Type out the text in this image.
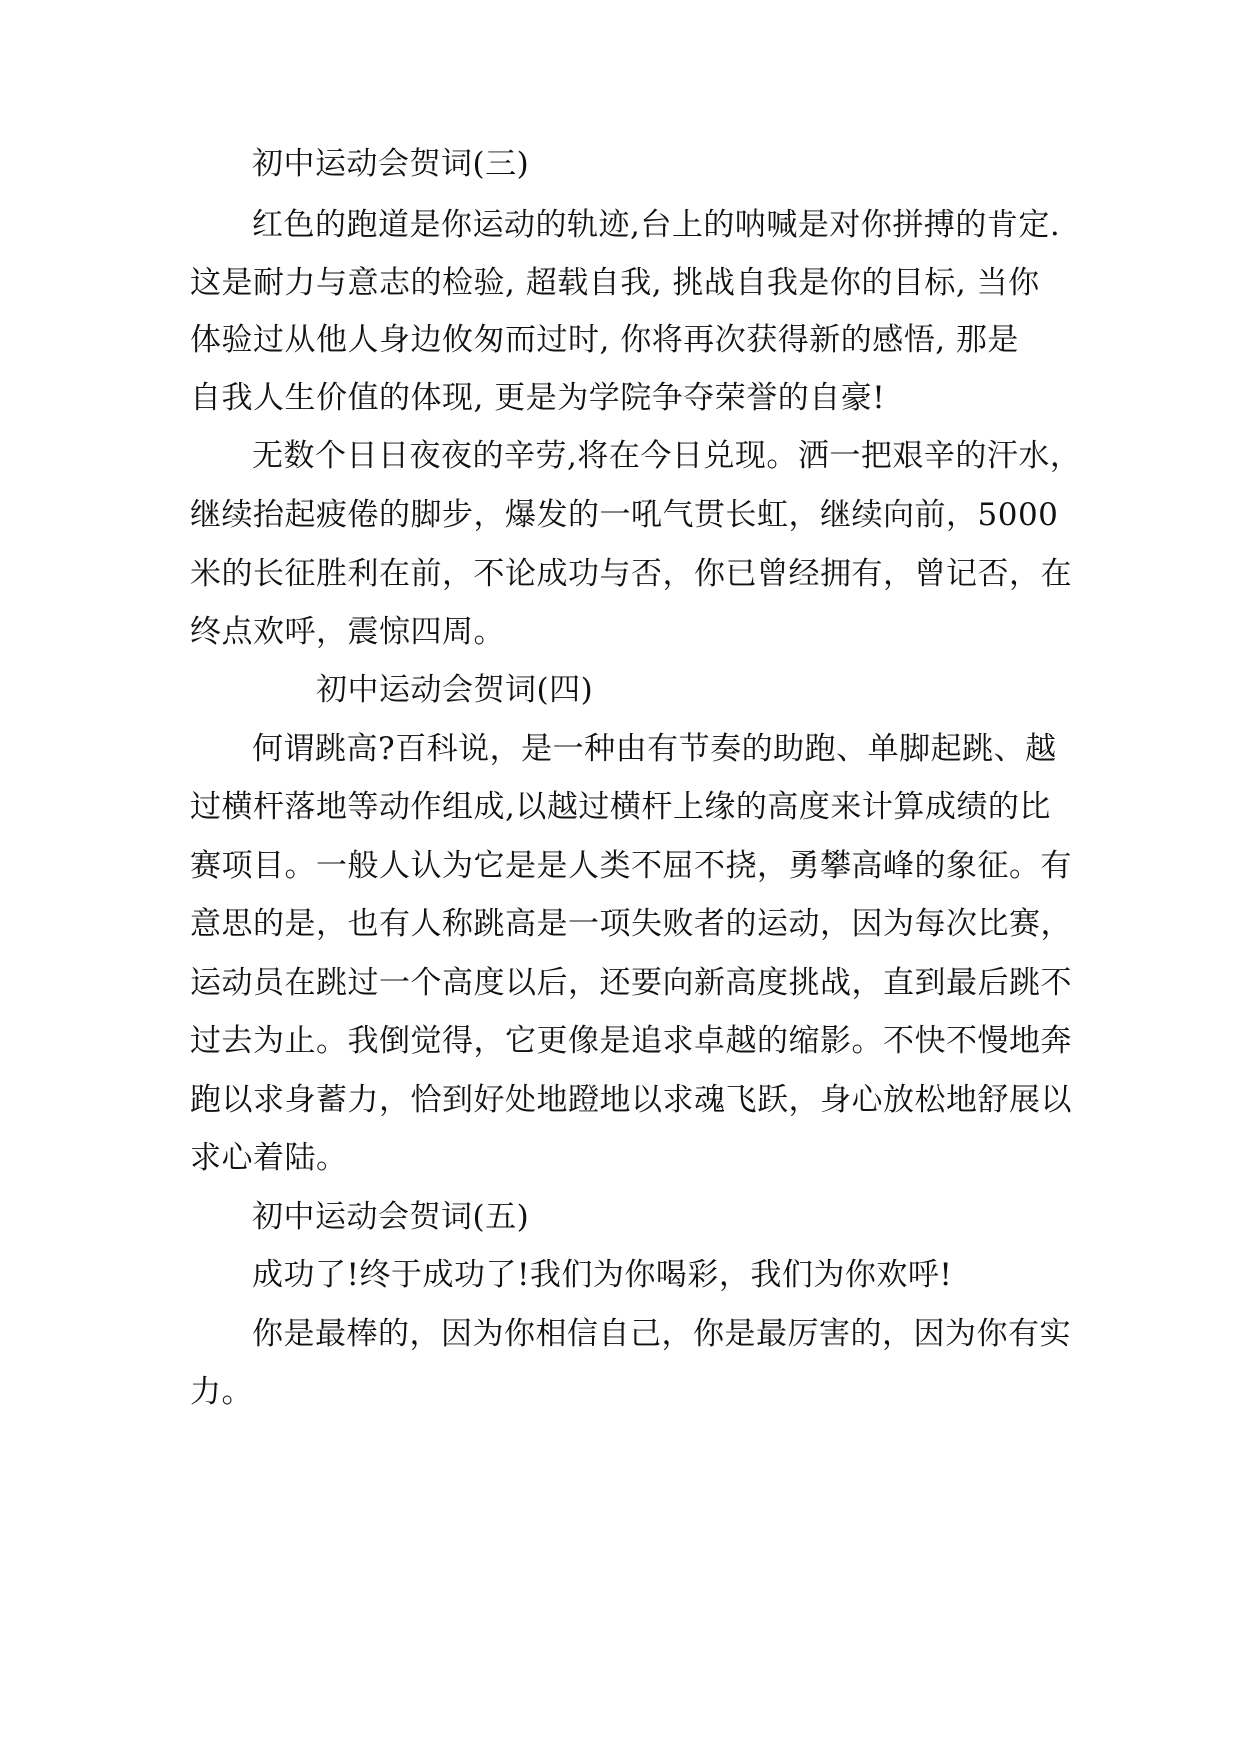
初中运动会贺词(三)

红色的跑道是你运动的轨迹,台上的呐喊是对你拼搏的肯定.

这是耐力与意志的检验, 超载自我, 挑战自我是你的目标, 当你

体验过从他人身边攸匆而过时, 你将再次获得新的感悟, 那是

自我人生价值的体现, 更是为学院争夺荣誉的自豪!

无数个日日夜夜的辛劳,将在今日兑现。洒一把艰辛的汗水，

继续抬起疲倦的脚步，爆发的一吼气贯长虹，继续向前，5000

米的长征胜利在前，不论成功与否，你已曾经拥有，曾记否，在

终点欢呼，震惊四周。

初中运动会贺词(四)

何谓跳高?百科说，是一种由有节奏的助跑、单脚起跳、越

过横杆落地等动作组成,以越过横杆上缘的高度来计算成绩的比

赛项目。一般人认为它是是人类不屈不挠，勇攀高峰的象征。有

意思的是，也有人称跳高是一项失败者的运动，因为每次比赛，

运动员在跳过一个高度以后，还要向新高度挑战，直到最后跳不

过去为止。我倒觉得，它更像是追求卓越的缩影。不快不慢地奔

跑以求身蓄力，恰到好处地蹬地以求魂飞跃，身心放松地舒展以

求心着陆。

初中运动会贺词(五)

成功了!终于成功了!我们为你喝彩，我们为你欢呼!

你是最棒的，因为你相信自己，你是最厉害的，因为你有实

力。
